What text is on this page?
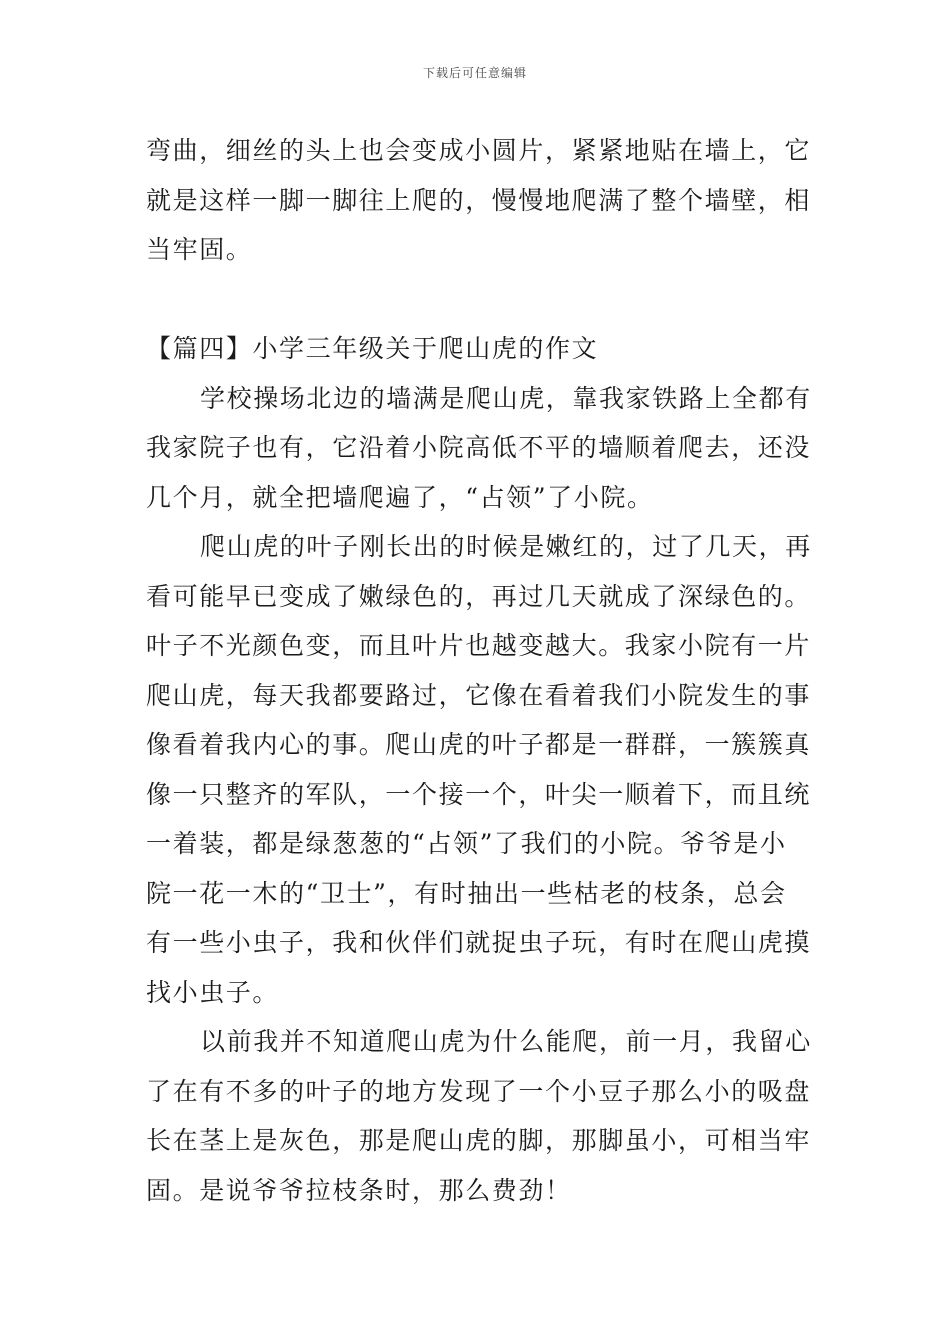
下载后可任意编辑
弯曲，细丝的头上也会变成小圆片，紧紧地贴在墙上，它
就是这样一脚一脚往上爬的，慢慢地爬满了整个墙壁，相
当牢固。
【篇四】小学三年级关于爬山虎的作文
学校操场北边的墙满是爬山虎，靠我家铁路上全都有
我家院子也有，它沿着小院高低不平的墙顺着爬去，还没
几个月，就全把墙爬遍了，“占领”了小院。
爬山虎的叶子刚长出的时候是嫩红的，过了几天，再
看可能早已变成了嫩绿色的，再过几天就成了深绿色的。
叶子不光颜色变，而且叶片也越变越大。我家小院有一片
爬山虎，每天我都要路过，它像在看着我们小院发生的事
像看着我内心的事。爬山虎的叶子都是一群群，一簇簇真
像一只整齐的军队，一个接一个，叶尖一顺着下，而且统
一着装，都是绿葱葱的“占领”了我们的小院。爷爷是小
院一花一木的“卫士”，有时抽出一些枯老的枝条，总会
有一些小虫子，我和伙伴们就捉虫子玩，有时在爬山虎摸
找小虫子。
以前我并不知道爬山虎为什么能爬，前一月，我留心
了在有不多的叶子的地方发现了一个小豆子那么小的吸盘
长在茎上是灰色，那是爬山虎的脚，那脚虽小，可相当牢
固。是说爷爷拉枝条时，那么费劲！
